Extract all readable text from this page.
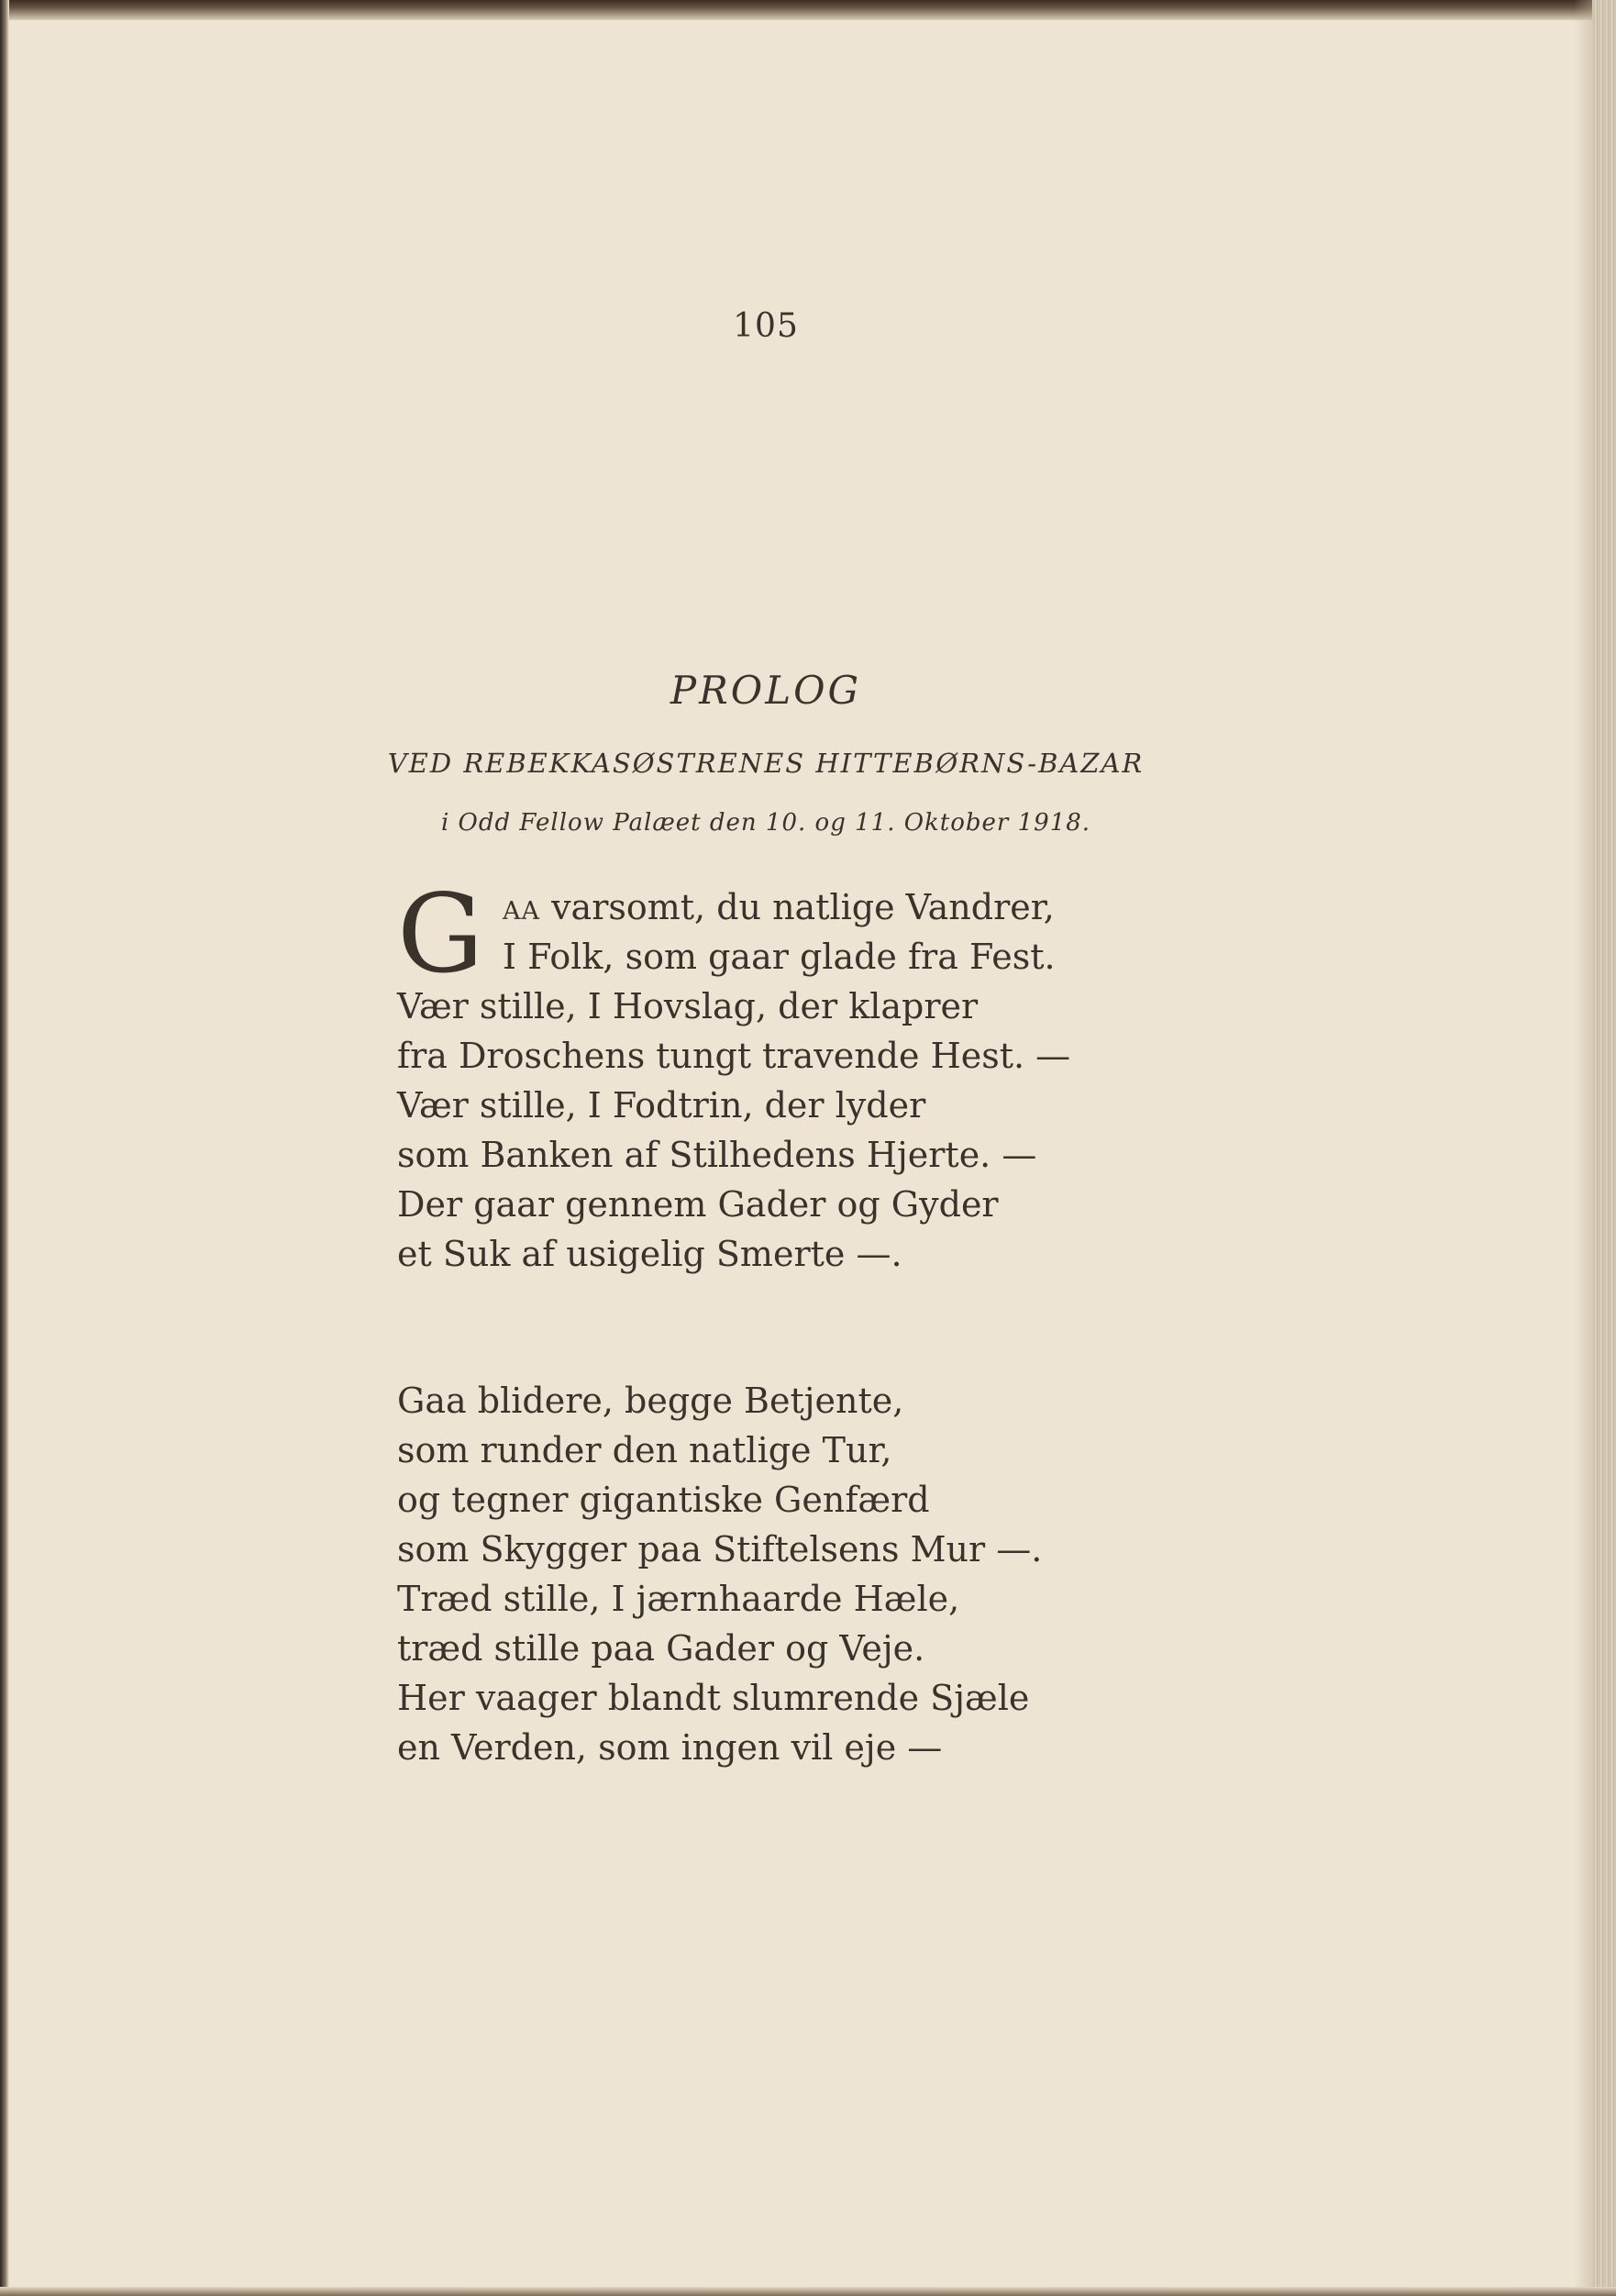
105
PROLOG
VED REBEKKASØSTRENES HITTEBØRNS-BAZAR
i Odd Fellow Palæet den 10. og 11. Oktober 1918.
G AA varsomt, du natlige Vandrer,
I Folk, som gaar glade fra Fest.
Vær stille, I Hovslag, der klaprer
fra Droschens tungt travende Hest. —
Vær stille, I Fodtrin, der lyder
som Banken af Stilhedens Hjerte. —
Der gaar gennem Gader og Gyder
et Suk af usigelig Smerte —.
Gaa blidere, begge Betjente,
som runder den natlige Tur,
og tegner gigantiske Genfærd
som Skygger paa Stiftelsens Mur —.
Træd stille, I jærnhaarde Hæle,
træd stille paa Gader og Veje.
Her vaager blandt slumrende Sjæle
en Verden, som ingen vil eje —
